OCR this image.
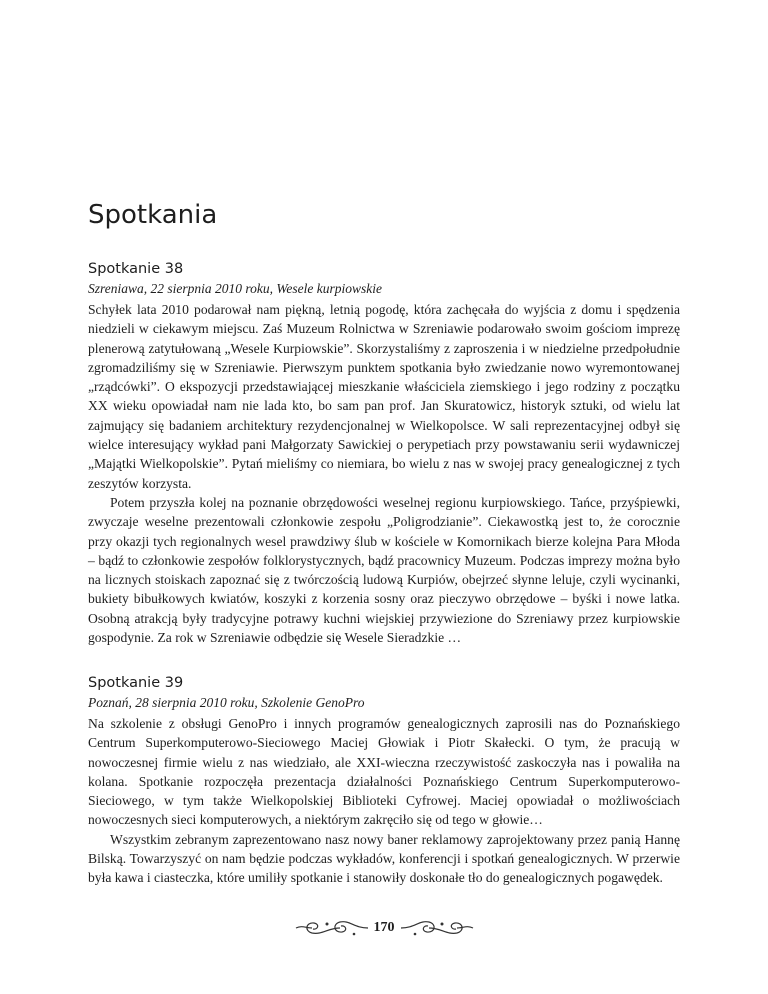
Spotkania
Spotkanie 38

Szreniawa, 22 sierpnia 2010 roku, Wesele kurpiowskie

Schyłek lata 2010 podarował nam piękną, letnią pogodę, która zachęcała do wyjścia z domu i spędzenia niedzieli w ciekawym miejscu. Zaś Muzeum Rolnictwa w Szreniawie podarowało swoim gościom imprezę plenerową zatytułowaną „Wesele Kurpiowskie”. Skorzystaliśmy z zaproszenia i w niedzielne przedpołudnie zgromadziliśmy się w Szreniawie. Pierwszym punktem spotkania było zwiedzanie nowo wyremontowanej „rządcówki”. O ekspozycji przedstawiającej mieszkanie właściciela ziemskiego i jego rodziny z początku XX wieku opowiadał nam nie lada kto, bo sam pan prof. Jan Skuratowicz, historyk sztuki, od wielu lat zajmujący się badaniem architektury rezydencjonalnej w Wielkopolsce. W sali reprezentacyjnej odbył się wielce interesujący wykład pani Małgorzaty Sawickiej o perypetiach przy powstawaniu serii wydawniczej „Majątki Wielkopolskie”. Pytań mieliśmy co niemiara, bo wielu z nas w swojej pracy genealogicznej z tych zeszytów korzysta.

Potem przyszła kolej na poznanie obrzędowości weselnej regionu kurpiowskiego. Tańce, przyśpiewki, zwyczaje weselne prezentowali członkowie zespołu „Poligrodzianie”. Ciekawostką jest to, że corocznie przy okazji tych regionalnych wesel prawdziwy ślub w kościele w Komornikach bierze kolejna Para Młoda – bądź to członkowie zespołów folklorystycznych, bądź pracownicy Muzeum. Podczas imprezy można było na licznych stoiskach zapoznać się z twórczością ludową Kurpiów, obejrzeć słynne leluje, czyli wycinanki, bukiety bibułkowych kwiatów, koszyki z korzenia sosny oraz pieczywo obrzędowe – byśki i nowe latka. Osobną atrakcją były tradycyjne potrawy kuchni wiejskiej przywiezione do Szreniawy przez kurpiowskie gospodynie. Za rok w Szreniawie odbędzie się Wesele Sieradzkie …

Spotkanie 39

Poznań, 28 sierpnia 2010 roku, Szkolenie GenoPro

Na szkolenie z obsługi GenoPro i innych programów genealogicznych zaprosili nas do Poznańskiego Centrum Superkomputerowo-Sieciowego Maciej Głowiak i Piotr Skałecki. O tym, że pracują w nowoczesnej firmie wielu z nas wiedziało, ale XXI-wieczna rzeczywistość zaskoczyła nas i powaliła na kolana. Spotkanie rozpoczęła prezentacja działalności Poznańskiego Centrum Superkomputerowo-Sieciowego, w tym także Wielkopolskiej Biblioteki Cyfrowej. Maciej opowiadał o możliwościach nowoczesnych sieci komputerowych, a niektórym zakręciło się od tego w głowie…

Wszystkim zebranym zaprezentowano nasz nowy baner reklamowy zaprojektowany przez panią Hannę Bilską. Towarzyszyć on nam będzie podczas wykładów, konferencji i spotkań genealogicznych. W przerwie była kawa i ciasteczka, które umiliły spotkanie i stanowiły doskonałe tło do genealogicznych pogawędek.

170
